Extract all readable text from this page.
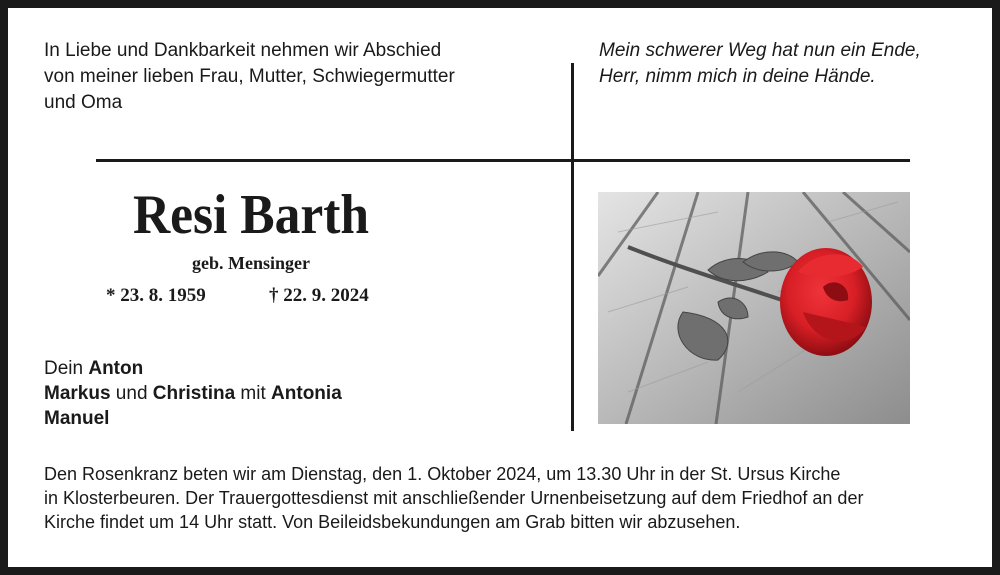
In Liebe und Dankbarkeit nehmen wir Abschied
von meiner lieben Frau, Mutter, Schwiegermutter
und Oma

Mein schwerer Weg hat nun ein Ende,
Herr, nimm mich in deine Hände.

Resi Barth
geb. Mensinger
* 23. 8. 1959	† 22. 9. 2024

Dein Anton
Markus und Christina mit Antonia
Manuel

Den Rosenkranz beten wir am Dienstag, den 1. Oktober 2024, um 13.30 Uhr in der St. Ursus Kirche
in Klosterbeuren. Der Trauergottesdienst mit anschließender Urnenbeisetzung auf dem Friedhof an der
Kirche findet um 14 Uhr statt. Von Beileidsbekundungen am Grab bitten wir abzusehen.
